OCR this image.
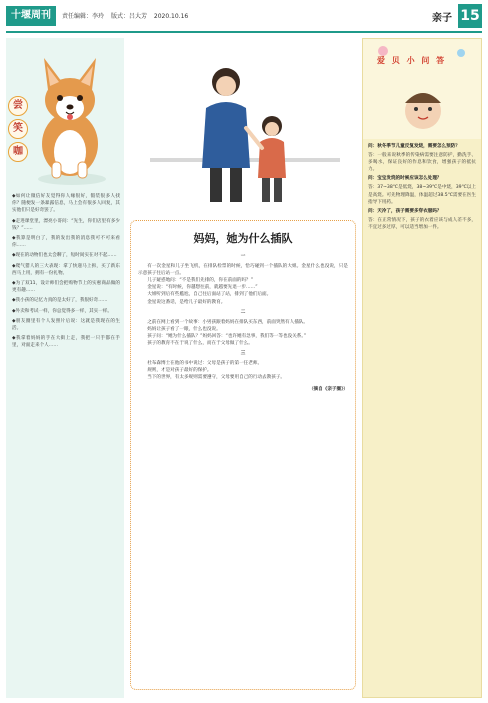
十堰周刊	责任编辑：李玲 版式：吕大芳 2020.10.16	亲子 15
尝
笑
咖

◆如何让微信好友觉得你人缘很好，假装很多人找你？随便发一条暴露信息，马上会有很多人回复，其实他们只是好奇罢了。

◆走进课堂里，漂亮小哥问：“先生，你们店里有多少钱？”……

◆我算是明白了，我的发出我的消息我可不可来看你……

◆现在的动物们也太会聊了，短时间实在对不起……

◆爬气猎人的三大表现：拿了快递马上拆，买了新东西马上用，拥有一份礼物。

◆为了双11，设计师们会把购物节上的实惠商品做的更有趣……

◆我小孩的记忆力真的是太好了，我很好奇……

◆外卖和考试一样，你总觉得多一样，其实一样。

◆朋友圈里有个人发照片后说：这就是我现在的生活。

◆我拿着妈妈的手在大街上走，我把一只手都在手里，对面走来个人……

妈妈，她为什么插队

一

有一次金星和儿子坐飞机，在排队检票的时候，恰巧碰到一个插队的大姐。金星什么也没说，只是示意孩子往后站一点。

儿子疑惑地问：“不是我们先排的，你在前面的吗？”

金星说：“有时候，你越想往前，就越要先退一步……”

大姐听到后有些尴尬，自己往后面站了站，排到了他们后面。

金星说这番话，是给儿子最好的教育。

二

之前在网上看到一个故事：小男孩跟着妈妈在排队买东西，前面突然有人插队。

妈妈让孩子看了一眼，什么也没说。

孩子问：“她为什么插队？”妈妈回答：“也许她有急事，我们等一等也没关系。”

孩子的教育不在于说了什么，而在于父母做了什么。

三

杜布森博士在他的书中说过：父母是孩子的第一任老师。

规则，才是对孩子最好的保护。

当下的世界，有太多规则需要遵守，父母要用自己的行动去教孩子。

（摘自《亲子圈》）

爱 贝 小 问 答

问：秋冬季节儿童反复发烧，需要怎么预防？

答：一般来说秋季的传染病需要注意防护，勤洗手、多喝水，保证良好的作息和饮食，增强孩子的抵抗力。

问：宝宝发烧的时候应该怎么处理？

答：37~38℃是低烧，38~39℃是中烧，39℃以上是高烧。可先物理降温，体温超过38.5℃需要在医生指导下用药。

问：天冷了，孩子需要多穿衣服吗？

答：在正常情况下，孩子的衣着应该与成人差不多，不宜过多过厚，可以适当增加一件。
